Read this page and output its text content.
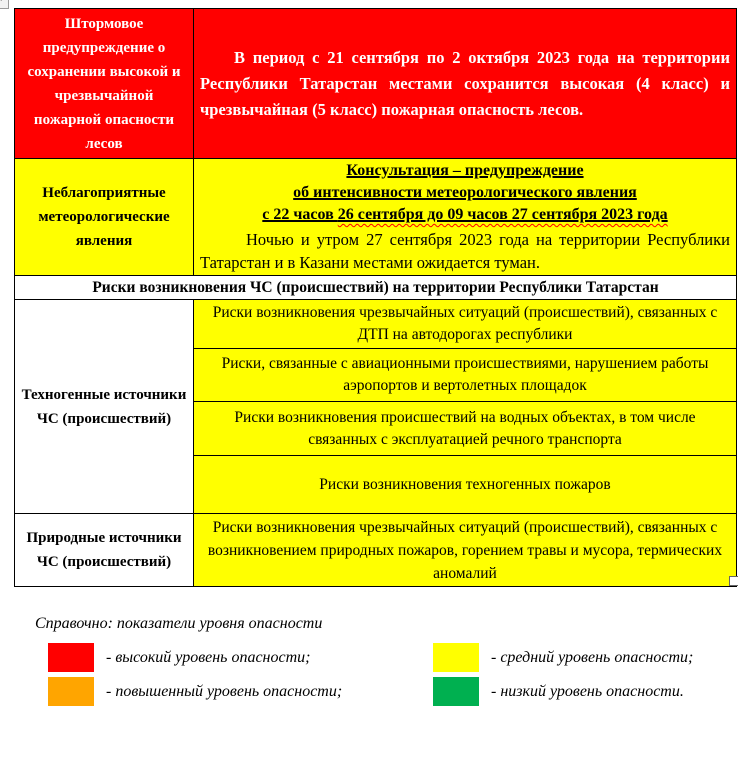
+
Штормовое предупреждение о сохранении высокой и чрезвычайной пожарной опасности лесов	В период с 21 сентября по 2 октября 2023 года на территории Республики Татарстан местами сохранится высокая (4 класс) и чрезвычайная (5 класс) пожарная опасность лесов.
Неблагоприятные метеорологические явления	Консультация – предупреждение
об интенсивности метеорологического явления
с 22 часов 26 сентября до 09 часов 27 сентября 2023 года

Ночью и утром 27 сентября 2023 года на территории Республики Татарстан и в Казани местами ожидается туман.

Риски возникновения ЧС (происшествий) на территории Республики Татарстан	
Техногенные источники ЧС (происшествий)	Риски возникновения чрезвычайных ситуаций (происшествий), связанных с ДТП на автодорогах республики
	Риски, связанные с авиационными происшествиями, нарушением работы аэропортов и вертолетных площадок
	Риски возникновения происшествий на водных объектах, в том числе связанных с эксплуатацией речного транспорта
	Риски возникновения техногенных пожаров
Природные источники ЧС (происшествий)	Риски возникновения чрезвычайных ситуаций (происшествий), связанных с возникновением природных пожаров, горением травы и мусора, термических аномалий

Справочно: показатели уровня опасности

- высокий уровень опасности;	- средний уровень опасности;
- повышенный уровень опасности;	- низкий уровень опасности.
